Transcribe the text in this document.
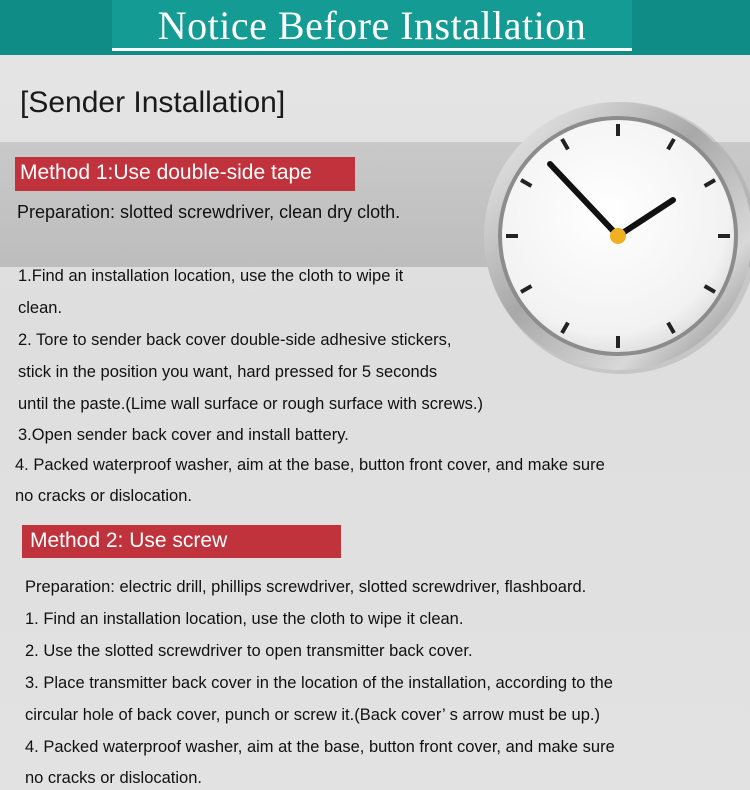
Notice Before Installation
[Sender Installation]
Method 1:Use double-side tape
Preparation: slotted screwdriver, clean dry cloth.
1.Find an installation location, use the cloth to wipe it
clean.
2. Tore to sender back cover double-side adhesive stickers,
stick in the position you want, hard pressed for 5 seconds
until the paste.(Lime wall surface or rough surface with screws.)
3.Open sender back cover and install battery.
4. Packed waterproof washer, aim at the base, button front cover, and make sure
no cracks or dislocation.
Method 2: Use screw
Preparation: electric drill, phillips screwdriver, slotted screwdriver, flashboard.
1. Find an installation location, use the cloth to wipe it clean.
2. Use the slotted screwdriver to open transmitter back cover.
3. Place transmitter back cover in the location of the installation, according to the
circular hole of back cover, punch or screw it.(Back cover’ s arrow must be up.)
4. Packed waterproof washer, aim at the base, button front cover, and make sure
no cracks or dislocation.
